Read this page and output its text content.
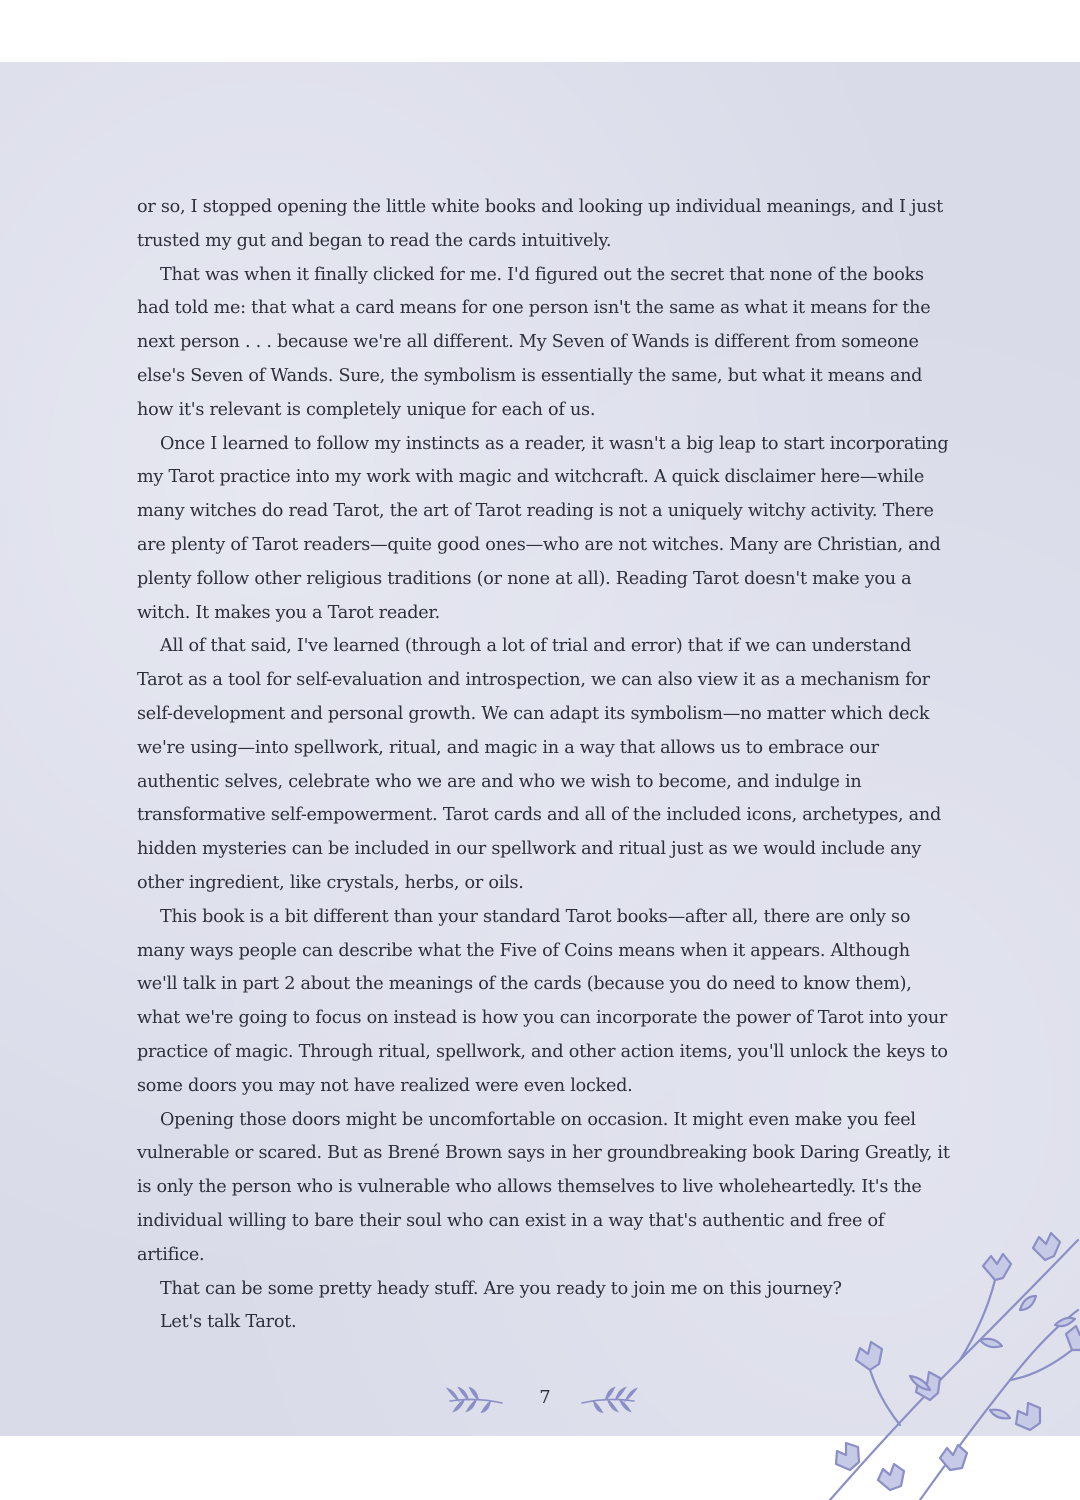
or so, I stopped opening the little white books and looking up individual meanings, and I just trusted my gut and began to read the cards intuitively.

That was when it finally clicked for me. I'd figured out the secret that none of the books had told me: that what a card means for one person isn't the same as what it means for the next person . . . because we're all different. My Seven of Wands is different from someone else's Seven of Wands. Sure, the symbolism is essentially the same, but what it means and how it's relevant is completely unique for each of us.

Once I learned to follow my instincts as a reader, it wasn't a big leap to start incorporating my Tarot practice into my work with magic and witchcraft. A quick disclaimer here—while many witches do read Tarot, the art of Tarot reading is not a uniquely witchy activity. There are plenty of Tarot readers—quite good ones—who are not witches. Many are Christian, and plenty follow other religious traditions (or none at all). Reading Tarot doesn't make you a witch. It makes you a Tarot reader.

All of that said, I've learned (through a lot of trial and error) that if we can understand Tarot as a tool for self-evaluation and introspection, we can also view it as a mechanism for self-development and personal growth. We can adapt its symbolism—no matter which deck we're using—into spellwork, ritual, and magic in a way that allows us to embrace our authentic selves, celebrate who we are and who we wish to become, and indulge in transformative self-empowerment. Tarot cards and all of the included icons, archetypes, and hidden mysteries can be included in our spellwork and ritual just as we would include any other ingredient, like crystals, herbs, or oils.

This book is a bit different than your standard Tarot books—after all, there are only so many ways people can describe what the Five of Coins means when it appears. Although we'll talk in part 2 about the meanings of the cards (because you do need to know them), what we're going to focus on instead is how you can incorporate the power of Tarot into your practice of magic. Through ritual, spellwork, and other action items, you'll unlock the keys to some doors you may not have realized were even locked.

Opening those doors might be uncomfortable on occasion. It might even make you feel vulnerable or scared. But as Brené Brown says in her groundbreaking book Daring Greatly, it is only the person who is vulnerable who allows themselves to live wholeheartedly. It's the individual willing to bare their soul who can exist in a way that's authentic and free of artifice.

That can be some pretty heady stuff. Are you ready to join me on this journey?

Let's talk Tarot.

7
